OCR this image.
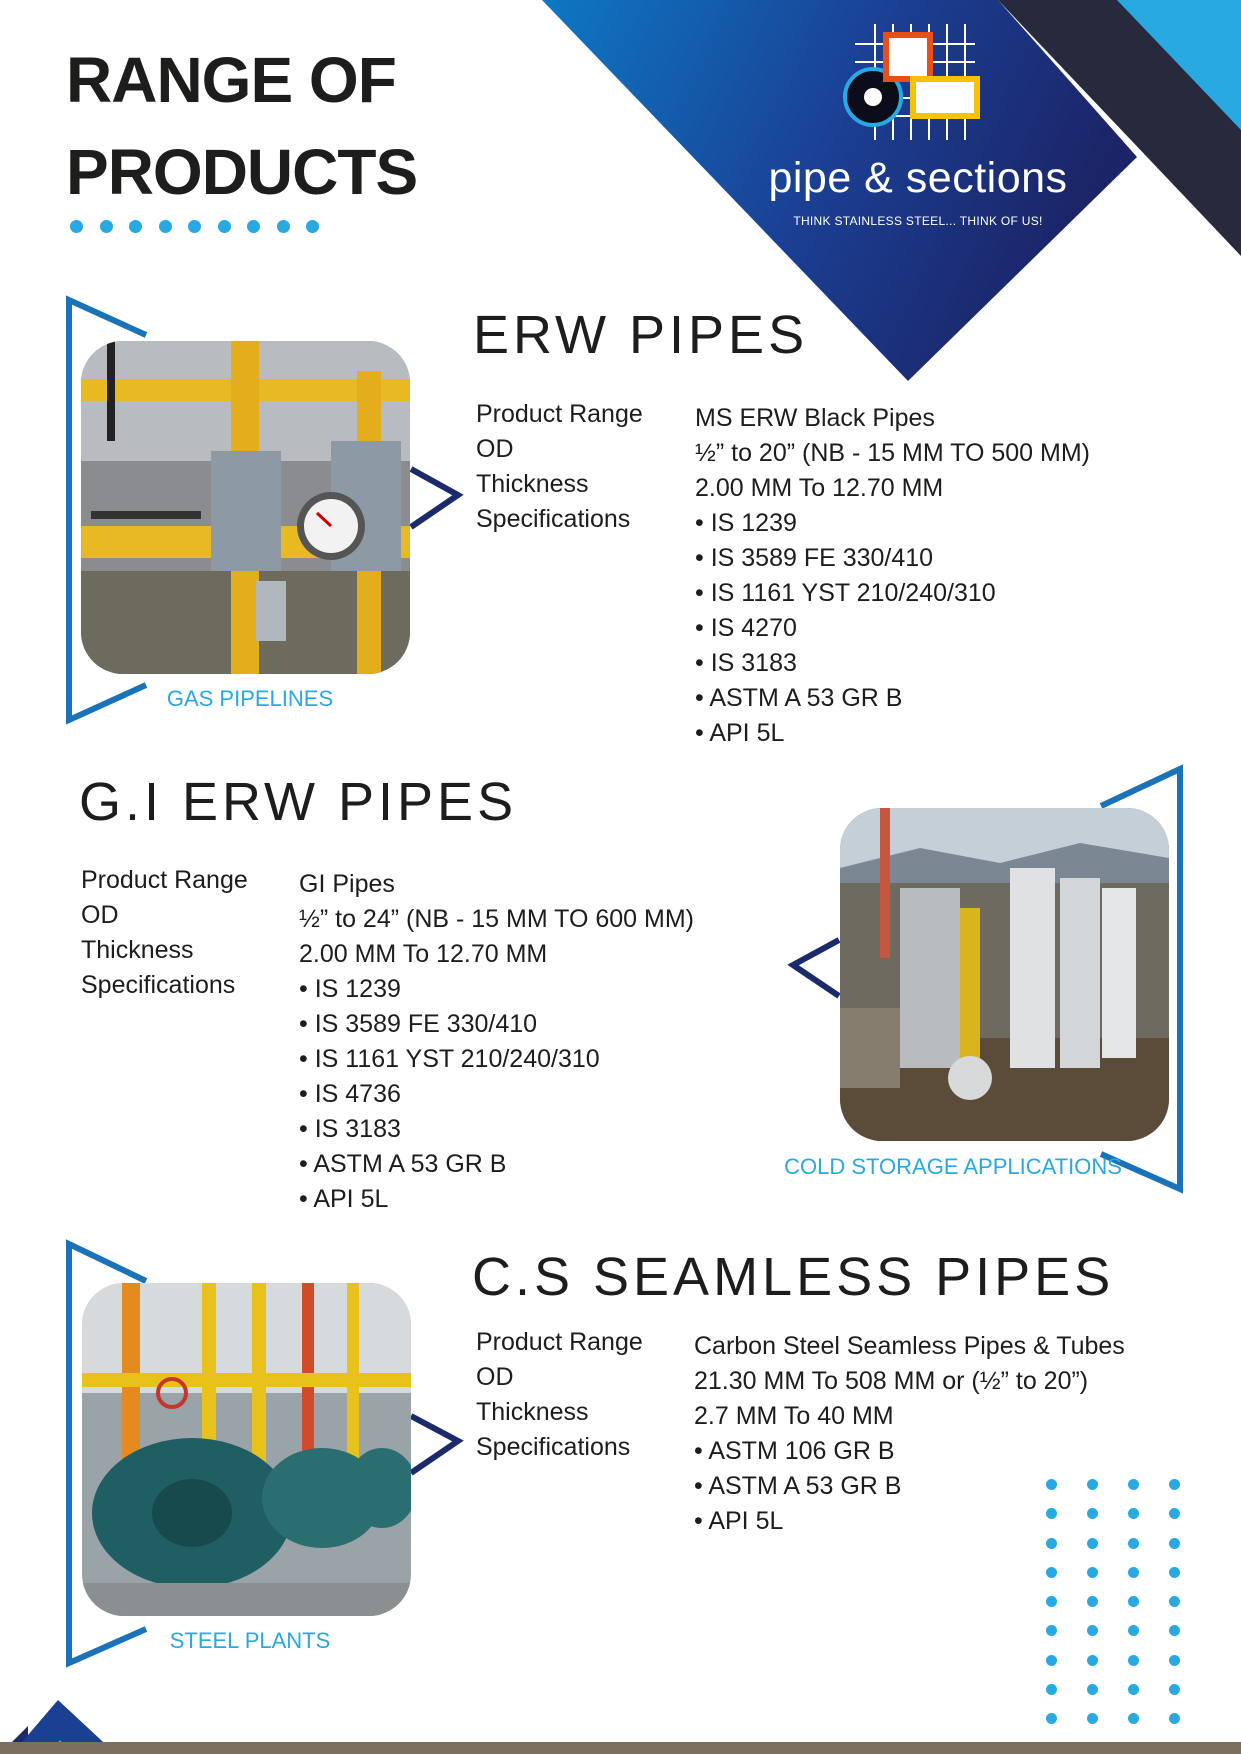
RANGE OF
PRODUCTS	pipe & sections

THINK STAINLESS STEEL... THINK OF US!

GAS PIPELINES

ERW PIPES
Product Range
OD
Thickness
Specifications
MS ERW Black Pipes
½” to 20” (NB - 15 MM TO 500 MM)
2.00 MM To 12.70 MM
• IS 1239
• IS 3589 FE 330/410
• IS 1161 YST 210/240/310
• IS 4270
• IS 3183
• ASTM A 53 GR B
• API 5L
G.I ERW PIPES
Product Range
OD
Thickness
Specifications
GI Pipes
½” to 24” (NB - 15 MM TO 600 MM)
2.00 MM To 12.70 MM
• IS 1239
• IS 3589 FE 330/410
• IS 1161 YST 210/240/310
• IS 4736
• IS 3183
• ASTM A 53 GR B
• API 5L

COLD STORAGE APPLICATIONS

STEEL PLANTS

C.S SEAMLESS PIPES
Product Range
OD
Thickness
Specifications
Carbon Steel Seamless Pipes & Tubes
21.30 MM To 508 MM or (½” to 20”)
2.7 MM To 40 MM
• ASTM 106 GR B
• ASTM A 53 GR B
• API 5L
